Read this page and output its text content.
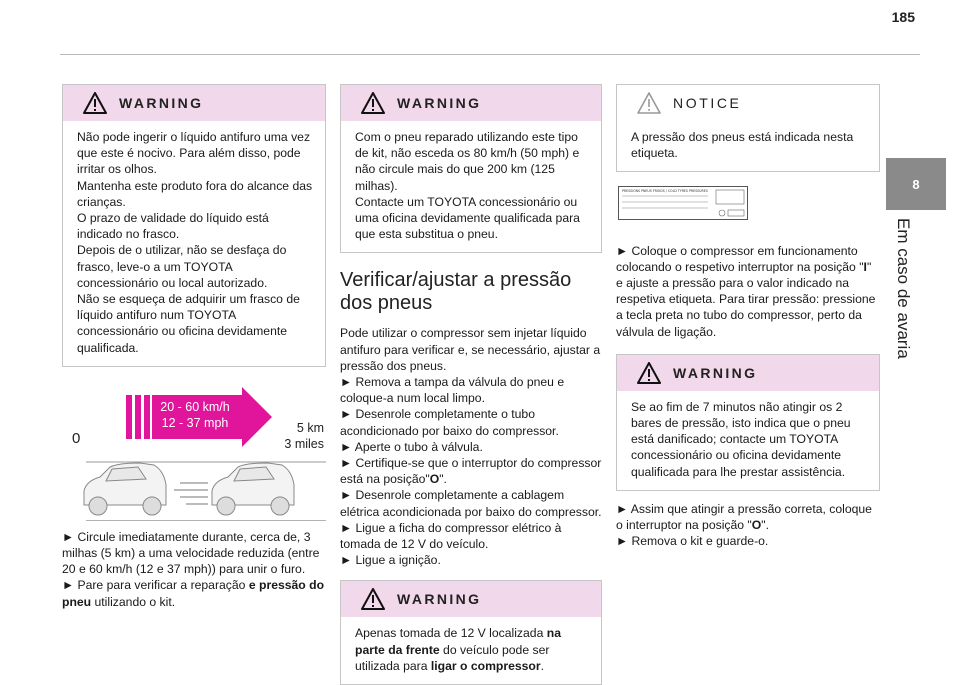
185
8
Em caso de avaria
WARNING

Não pode ingerir o líquido antifuro uma vez que este é nocivo. Para além disso, pode irritar os olhos.
Mantenha este produto fora do alcance das crianças.
O prazo de validade do líquido está indicado no frasco.
Depois de o utilizar, não se desfaça do frasco, leve-o a um TOYOTA concessionário ou local autorizado.
Não se esqueça de adquirir um frasco de líquido antifuro num TOYOTA concessionário ou oficina devidamente qualificada.

20 - 60 km/h
12 - 37 mph
0
5 km
3 miles

► Circule imediatamente durante, cerca de, 3 milhas (5 km) a uma velocidade reduzida (entre 20 e 60 km/h (12 e 37 mph)) para unir o furo.

► Pare para verificar a reparação e pressão do pneu utilizando o kit.

WARNING

Com o pneu reparado utilizando este tipo de kit, não esceda os 80 km/h (50 mph) e não circule mais do que 200 km (125 milhas).
Contacte um TOYOTA concessionário ou uma oficina devidamente qualificada para que esta substitua o pneu.

Verificar/ajustar a pressão dos pneus

Pode utilizar o compressor sem injetar líquido antifuro para verificar e, se necessário, ajustar a pressão dos pneus.

► Remova a tampa da válvula do pneu e coloque-a num local limpo.

► Desenrole completamente o tubo acondicionado por baixo do compressor.

► Aperte o tubo à válvula.

► Certifique-se que o interruptor do compressor está na posição"O".

► Desenrole completamente a cablagem elétrica acondicionada por baixo do compressor.

► Ligue a ficha do compressor elétrico à tomada de 12 V do veículo.

► Ligue a ignição.

WARNING

Apenas tomada de 12 V localizada na parte da frente do veículo pode ser utilizada para ligar o compressor.

NOTICE

A pressão dos pneus está indicada nesta etiqueta.

PRESSIONS PNEUS FROIDS / COLD TYRES PRESSURES

► Coloque o compressor em funcionamento colocando o respetivo interruptor na posição "I" e ajuste a pressão para o valor indicado na respetiva etiqueta. Para tirar pressão: pressione a tecla preta no tubo do compressor, perto da válvula de ligação.

WARNING

Se ao fim de 7 minutos não atingir os 2 bares de pressão, isto indica que o pneu está danificado; contacte um TOYOTA concessionário ou oficina devidamente qualificada para lhe prestar assistência.

► Assim que atingir a pressão correta, coloque o interruptor na posição "O".

► Remova o kit e guarde-o.
